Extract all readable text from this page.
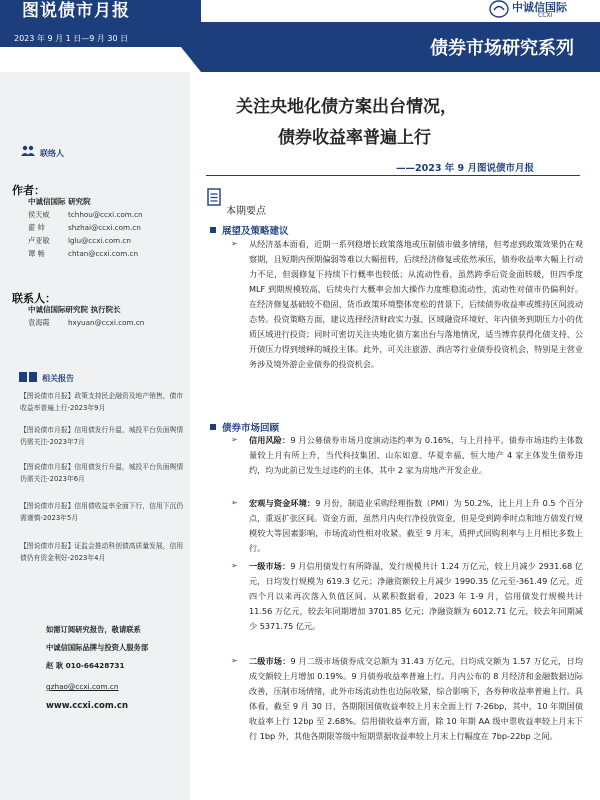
图说债市月报
2023 年 9 月 1 日—9 月 30 日	债券市场研究系列
中诚信国际
CCXI
联络人
作者：
中诚信国际 研究院
侯天威	tchhou@ccxi.com.cn
翟 帅	shzhai@ccxi.com.cn
卢亚敏	lglu@ccxi.com.cn
谭 畅	chtan@ccxi.com.cn
联系人：
中诚信国际研究院 执行院长
袁海霞	hxyuan@ccxi.com.cn
相关报告
【图说债市月报】政策支持民企融资及地产销售，债市收益率普遍上行-2023年9月
【图说债市月报】信用债发行升温，城投平台负面舆情仍需关注-2023年7月
【图说债市月报】信用债发行升温，城投平台负面舆情仍需关注-2023年6月
【图说债市月报】信用债收益率全面下行，信用下沉仍需谨慎-2023年5月
【图说债市月报】证监会推动科创债高质量发展，信用债仍有资金利好-2023年4月
如需订阅研究报告，敬请联系
中诚信国际品牌与投资人服务部
赵 耿 010-66428731
gzhao@ccxi.com.cn
www.ccxi.com.cn
关注央地化债方案出台情况，
债券收益率普遍上行
——2023 年 9 月图说债市月报
本期要点
展望及策略建议
➢ 从经济基本面看，近期一系列稳增长政策落地或压制债市做多情绪，但考虑到政策效果仍在观察期，且短期内预期偏弱等难以大幅扭转，后续经济修复或依然承压，债券收益率大幅上行动力不足，但弱修复下持续下行概率也较低；从流动性看，虽然跨季后资金面转暖，但四季度 MLF 到期规模较高，后续央行大概率会加大操作力度维稳流动性，流动性对债市仍偏利好。在经济修复基础较不稳固、货币政策环境整体宽松的背景下，后续债券收益率或维持区间波动态势。投资策略方面，建议选择经济财政实力强、区域融资环境好、年内债务到期压力小的优质区域进行投资；同时可密切关注央地化债方案出台与落地情况，适当博弈获得化债支持、公开债压力得到缓释的城投主体。此外，可关注旅游、酒店等行业债券投资机会，特别是主营业务涉及境外游企业债券的投资机会。
债券市场回顾
➢ 信用风险：9 月公募债券市场月度演动违约率为 0.16%，与上月持平。债券市场违约主体数量较上月有所上升，当代科技集团、山东如意、华夏幸福、恒大地产 4 家主体发生债券违约，均为此前已发生过违约的主体，其中 2 家为房地产开发企业。
➢ 宏观与资金环境：9 月份，制造业采购经理指数（PMI）为 50.2%，比上月上升 0.5 个百分点，重返扩张区间。资金方面，虽然月内央行净投放资金，但是受到跨季时点和地方债发行规模较大等因素影响，市场流动性相对收紧。截至 9 月末，质押式回购利率与上月相比多数上行。
➢ 一级市场：9 月信用债发行有所降温，发行规模共计 1.24 万亿元，较上月减少 2931.68 亿元，日均发行规模为 619.3 亿元；净融资额较上月减少 1990.35 亿元至-361.49 亿元，近四个月以来再次落入负值区间。从累积数据看，2023 年 1-9 月，信用债发行规模共计 11.56 万亿元，较去年同期增加 3701.85 亿元；净融资额为 6012.71 亿元，较去年同期减少 5371.75 亿元。
➢ 二级市场：9 月二级市场债券成交总额为 31.43 万亿元，日均成交额为 1.57 万亿元，日均成交额较上月增加 0.19%。9 月债券收益率普遍上行。月内公布的 8 月经济和金融数据边际改善，压制市场情绪，此外市场流动性也边际收紧，综合影响下，各券种收益率普遍上行。具体看，截至 9 月 30 日，各期限国债收益率较上月末全面上行 7-26bp，其中，10 年期国债收益率上行 12bp 至 2.68%。信用债收益率方面，除 10 年期 AA 级中票收益率较上月末下行 1bp 外，其他各期限等级中短期票据收益率较上月末上行幅度在 7bp-22bp 之间。
